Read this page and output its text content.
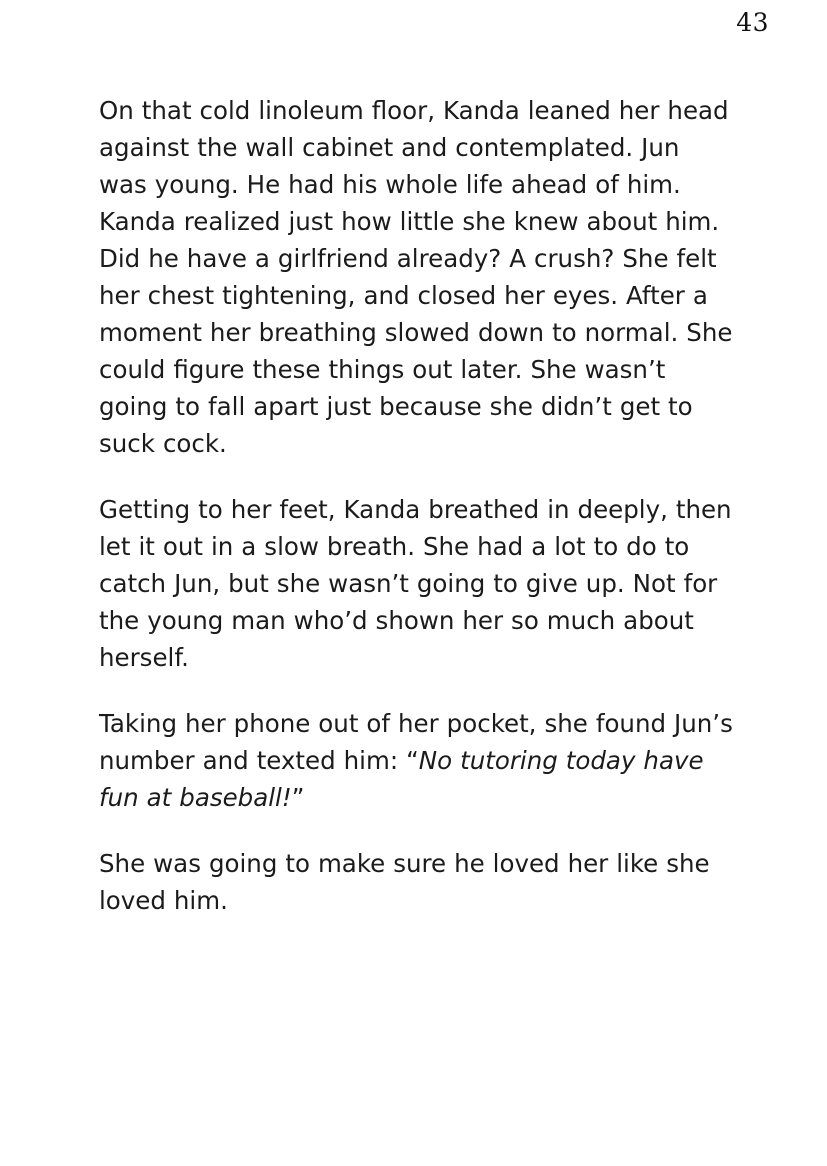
43

On that cold linoleum floor, Kanda leaned her head against the wall cabinet and contemplated. Jun was young. He had his whole life ahead of him. Kanda realized just how little she knew about him. Did he have a girlfriend already? A crush? She felt her chest tightening, and closed her eyes. After a moment her breathing slowed down to normal. She could figure these things out later. She wasn’t going to fall apart just because she didn’t get to suck cock.

Getting to her feet, Kanda breathed in deeply, then let it out in a slow breath. She had a lot to do to catch Jun, but she wasn’t going to give up. Not for the young man who’d shown her so much about herself.

Taking her phone out of her pocket, she found Jun’s number and texted him: “No tutoring today have fun at baseball!”

She was going to make sure he loved her like she loved him.
